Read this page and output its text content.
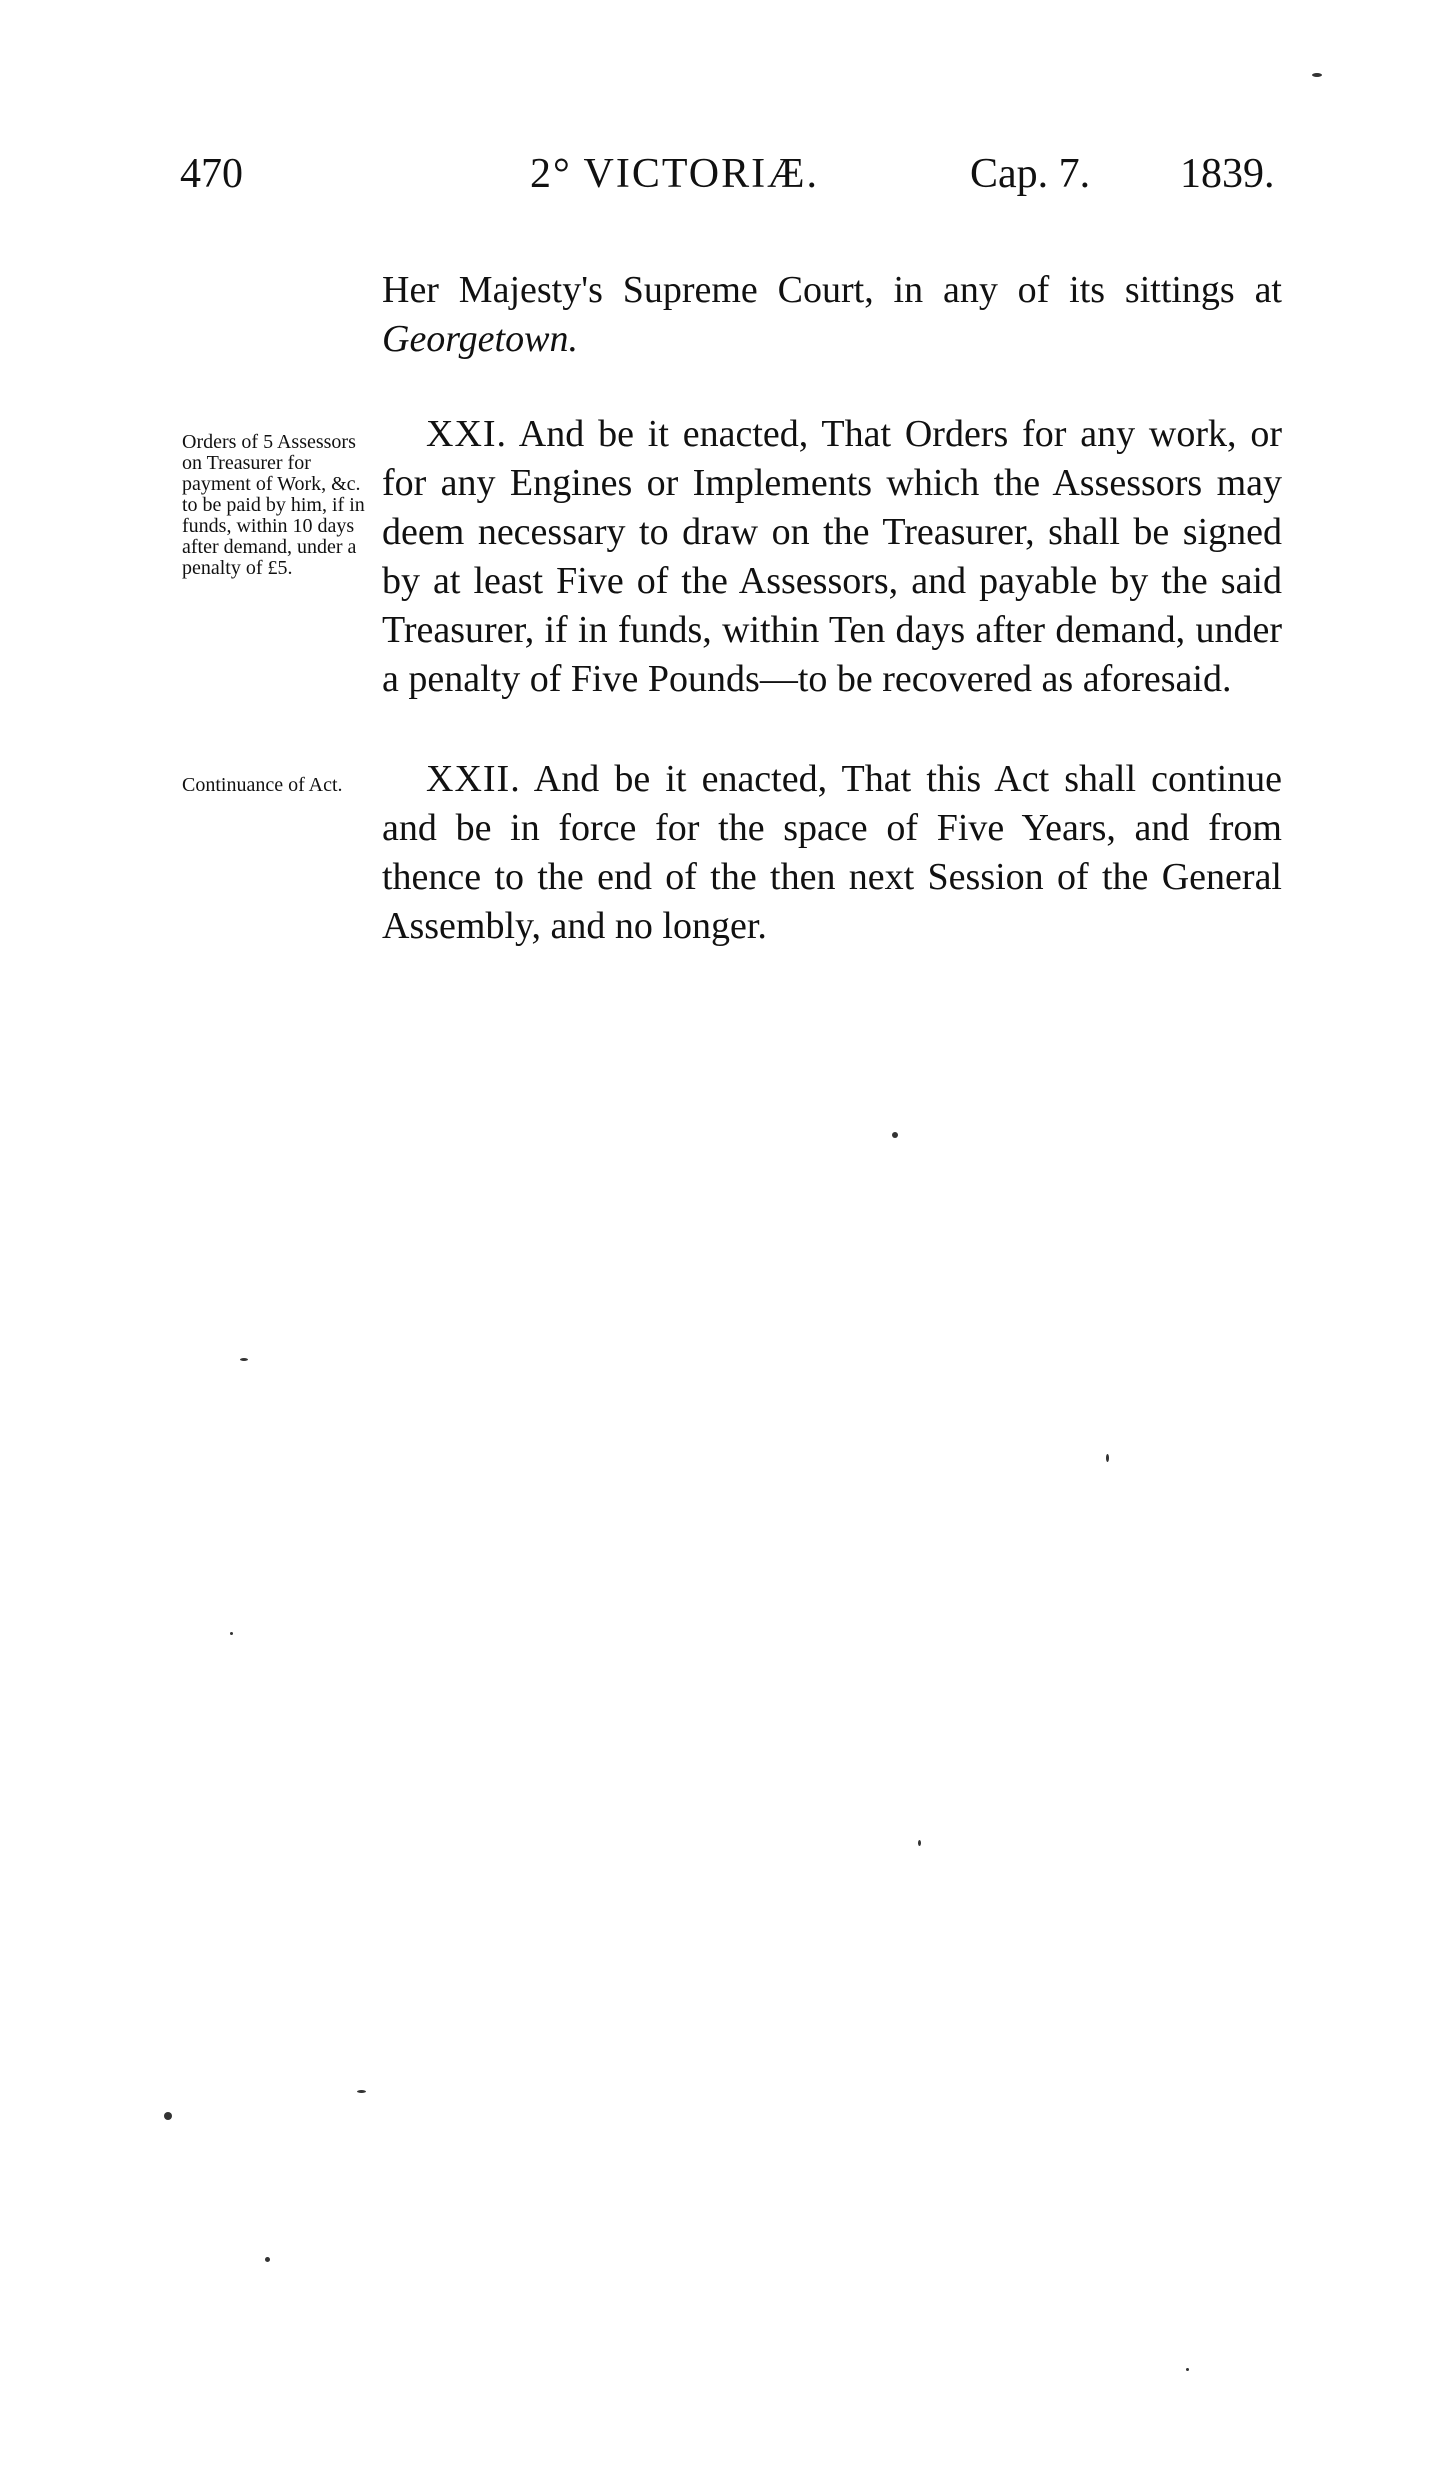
470	2° VICTORIÆ.	Cap. 7. 1839.

Her Majesty's Supreme Court, in any of its sittings at Georgetown.

Orders of 5 Assessors on Treasurer for payment of Work, &c. to be paid by him, if in funds, within 10 days after demand, under a penalty of £5.

XXI. And be it enacted, That Orders for any work, or for any Engines or Implements which the Assessors may deem necessary to draw on the Treasurer, shall be signed by at least Five of the Assessors, and payable by the said Treasurer, if in funds, within Ten days after demand, under a penalty of Five Pounds—to be recovered as aforesaid.

Continuance of Act.	XXII. And be it enacted, That this Act shall continue and be in force for the space of Five Years, and from thence to the end of the then next Session of the General Assembly, and no longer.
